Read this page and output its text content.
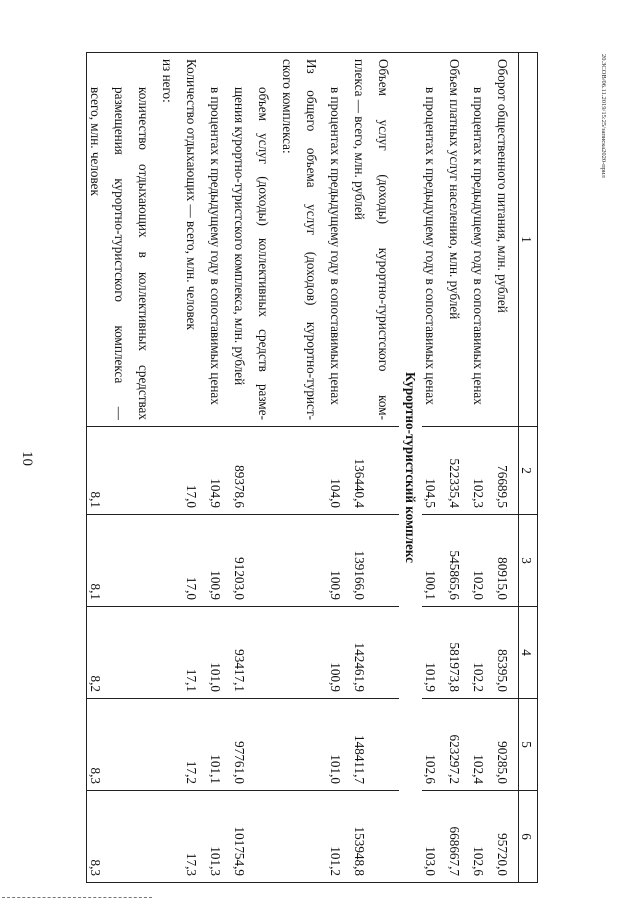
10
20.ЗСОВ/06.11.2019/15:25/записка2020-прил
1	2	3	4	5	6
Оборот общественного питания, млн. рублей	76689,5	80915,0	85395,0	90285,0	95720,0
в процентах к предыдущему году в сопоставимых ценах	102,3	102,0	102,2	102,4	102,6
Объем платных услуг населению, млн. рублей	522335,4	545865,6	581973,8	623297,2	668667,7
в процентах к предыдущему году в сопоставимых ценах	104,5	100,1	101,9	102,6	103,0
Курортно-туристский комплекс					
Объем услуг (доходы) курортно-туристского ком-					
плекса — всего, млн. рублей	136440,4	139166,0	142461,9	148411,7	153948,8
в процентах к предыдущему году в сопоставимых ценах	104,0	100,9	100,9	101,0	101,2
Из общего объема услуг (доходов) курортно-турист-					
ского комплекса:					
объем услуг (доходы) коллективных средств разме-					
щения курортно-туристского комплекса, млн. рублей	89378,6	91203,0	93417,1	97761,0	101754,9
в процентах к предыдущему году в сопоставимых ценах	104,9	100,9	101,0	101,1	101,3
Количество отдыхающих — всего, млн. человек	17,0	17,0	17,1	17,2	17,3
из него:					
количество отдыхающих в коллективных средствах					
размещения курортно-туристского комплекса —					
всего, млн. человек	8,1	8,1	8,2	8,3	8,3
